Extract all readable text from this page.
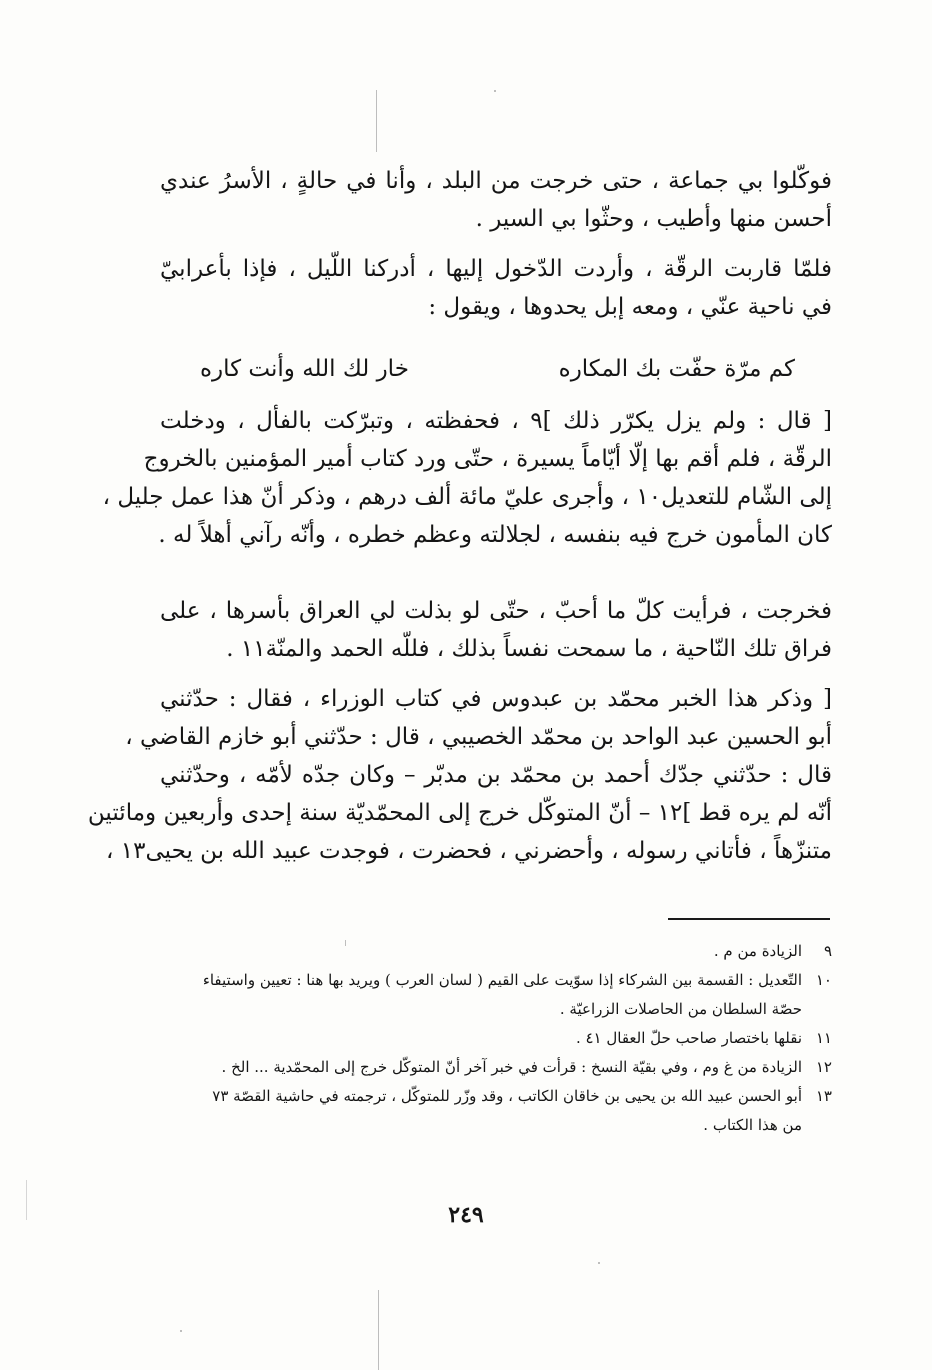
فوكّلوا بي جماعة ، حتى خرجت من البلد ، وأنا في حالةٍ ، الأسرُ عندي
أحسن منها وأطيب ، وحثّوا بي السير .
فلمّا قاربت الرقّة ، وأردت الدّخول إليها ، أدركنا اللّيل ، فإذا بأعرابيّ
في ناحية عنّي ، ومعه إبل يحدوها ، ويقول :
كم مرّة حفّت بك المكاره
خار لك الله وأنت كاره
[ قال : ولم يزل يكرّر ذلك ]٩ ، فحفظته ، وتبرّكت بالفأل ، ودخلت
الرقّة ، فلم أقم بها إلّا أيّاماً يسيرة ، حتّى ورد كتاب أمير المؤمنين بالخروج
إلى الشّام للتعديل١٠ ، وأجرى عليّ مائة ألف درهم ، وذكر أنّ هذا عمل جليل ،
كان المأمون خرج فيه بنفسه ، لجلالته وعظم خطره ، وأنّه رآني أهلاً له .
فخرجت ، فرأيت كلّ ما أحبّ ، حتّى لو بذلت لي العراق بأسرها ، على
فراق تلك النّاحية ، ما سمحت نفساً بذلك ، فللّه الحمد والمنّة١١ .
[ وذكر هذا الخبر محمّد بن عبدوس في كتاب الوزراء ، فقال : حدّثني
أبو الحسين عبد الواحد بن محمّد الخصيبي ، قال : حدّثني أبو خازم القاضي ،
قال : حدّثني جدّك أحمد بن محمّد بن مدبّر – وكان جدّه لأمّه ، وحدّثني
أنّه لم يره قط ]١٢ – أنّ المتوكّل خرج إلى المحمّديّة سنة إحدى وأربعين ومائتين
متنزّهاً ، فأتاني رسوله ، وأحضرني ، فحضرت ، فوجدت عبيد الله بن يحيى١٣ ،
٩
الزيادة من م .
١٠
التّعديل : القسمة بين الشركاء إذا سوّيت على القيم ( لسان العرب ) ويريد بها هنا : تعيين واستيفاء
حصّة السلطان من الحاصلات الزراعيّة .
١١
نقلها باختصار صاحب حلّ العقال ٤١ .
١٢
الزيادة من غ وم ، وفي بقيّة النسخ : قرأت في خبر آخر أنّ المتوكّل خرج إلى المحمّدية ... الخ .
١٣
أبو الحسن عبيد الله بن يحيى بن خاقان الكاتب ، وقد وزّر للمتوكّل ، ترجمته في حاشية القصّة ٧٣
من هذا الكتاب .
٢٤٩
